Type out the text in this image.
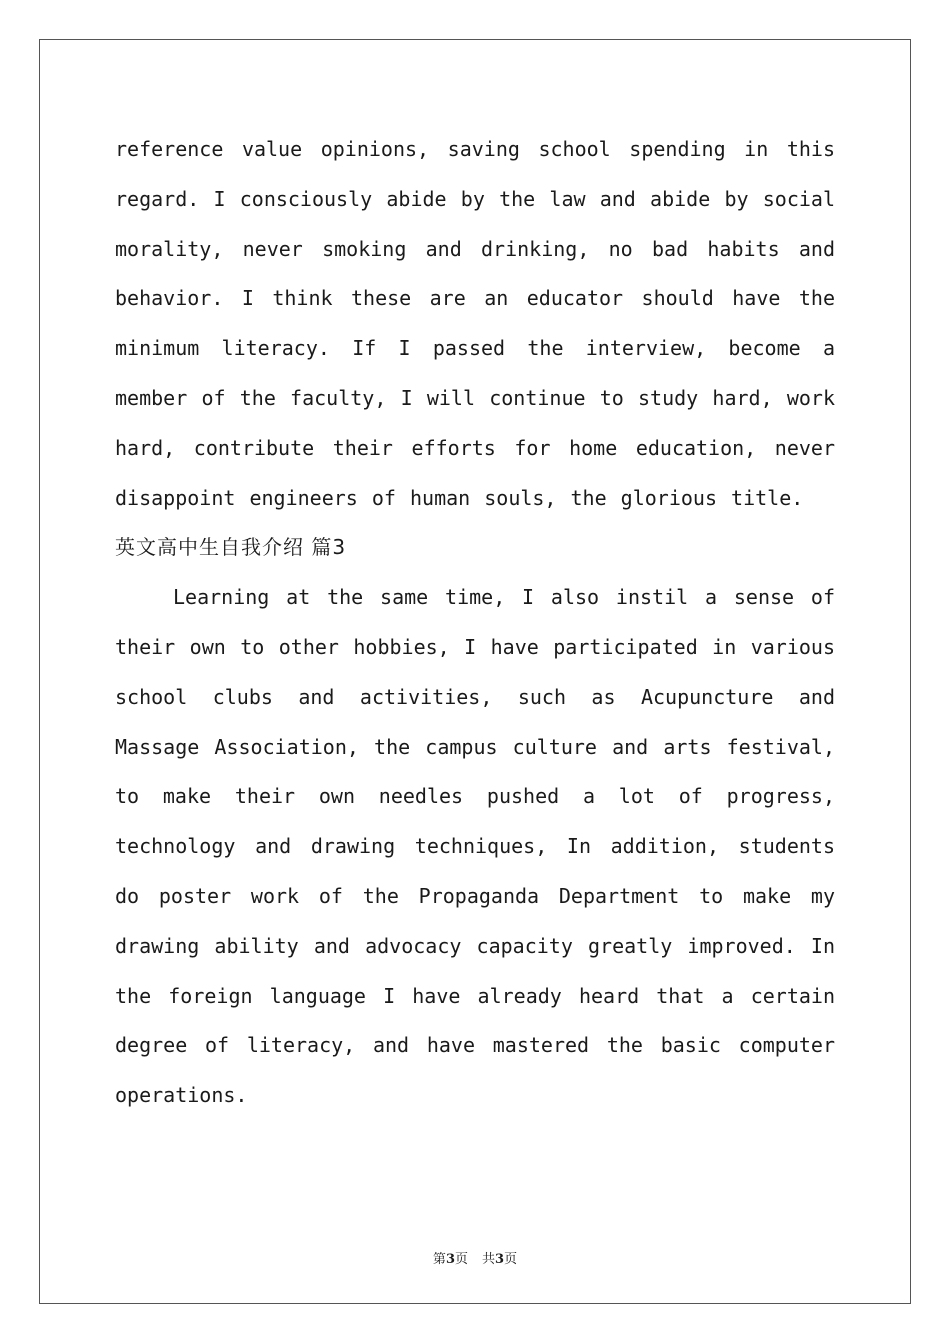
reference value opinions, saving school spending in this regard. I consciously abide by the law and abide by social morality, never smoking and drinking, no bad habits and behavior. I think these are an educator should have the minimum literacy. If I passed the interview, become a member of the faculty, I will continue to study hard, work hard, contribute their efforts for home education, never disappoint engineers of human souls, the glorious title.

英文高中生自我介绍 篇3

Learning at the same time, I also instil a sense of their own to other hobbies, I have participated in various school clubs and activities, such as Acupuncture and Massage Association, the campus culture and arts festival, to make their own needles pushed a lot of progress, technology and drawing techniques, In addition, students do poster work of the Propaganda Department to make my drawing ability and advocacy capacity greatly improved. In the foreign language I have already heard that a certain degree of literacy, and have mastered the basic computer operations.

第3页 共3页
